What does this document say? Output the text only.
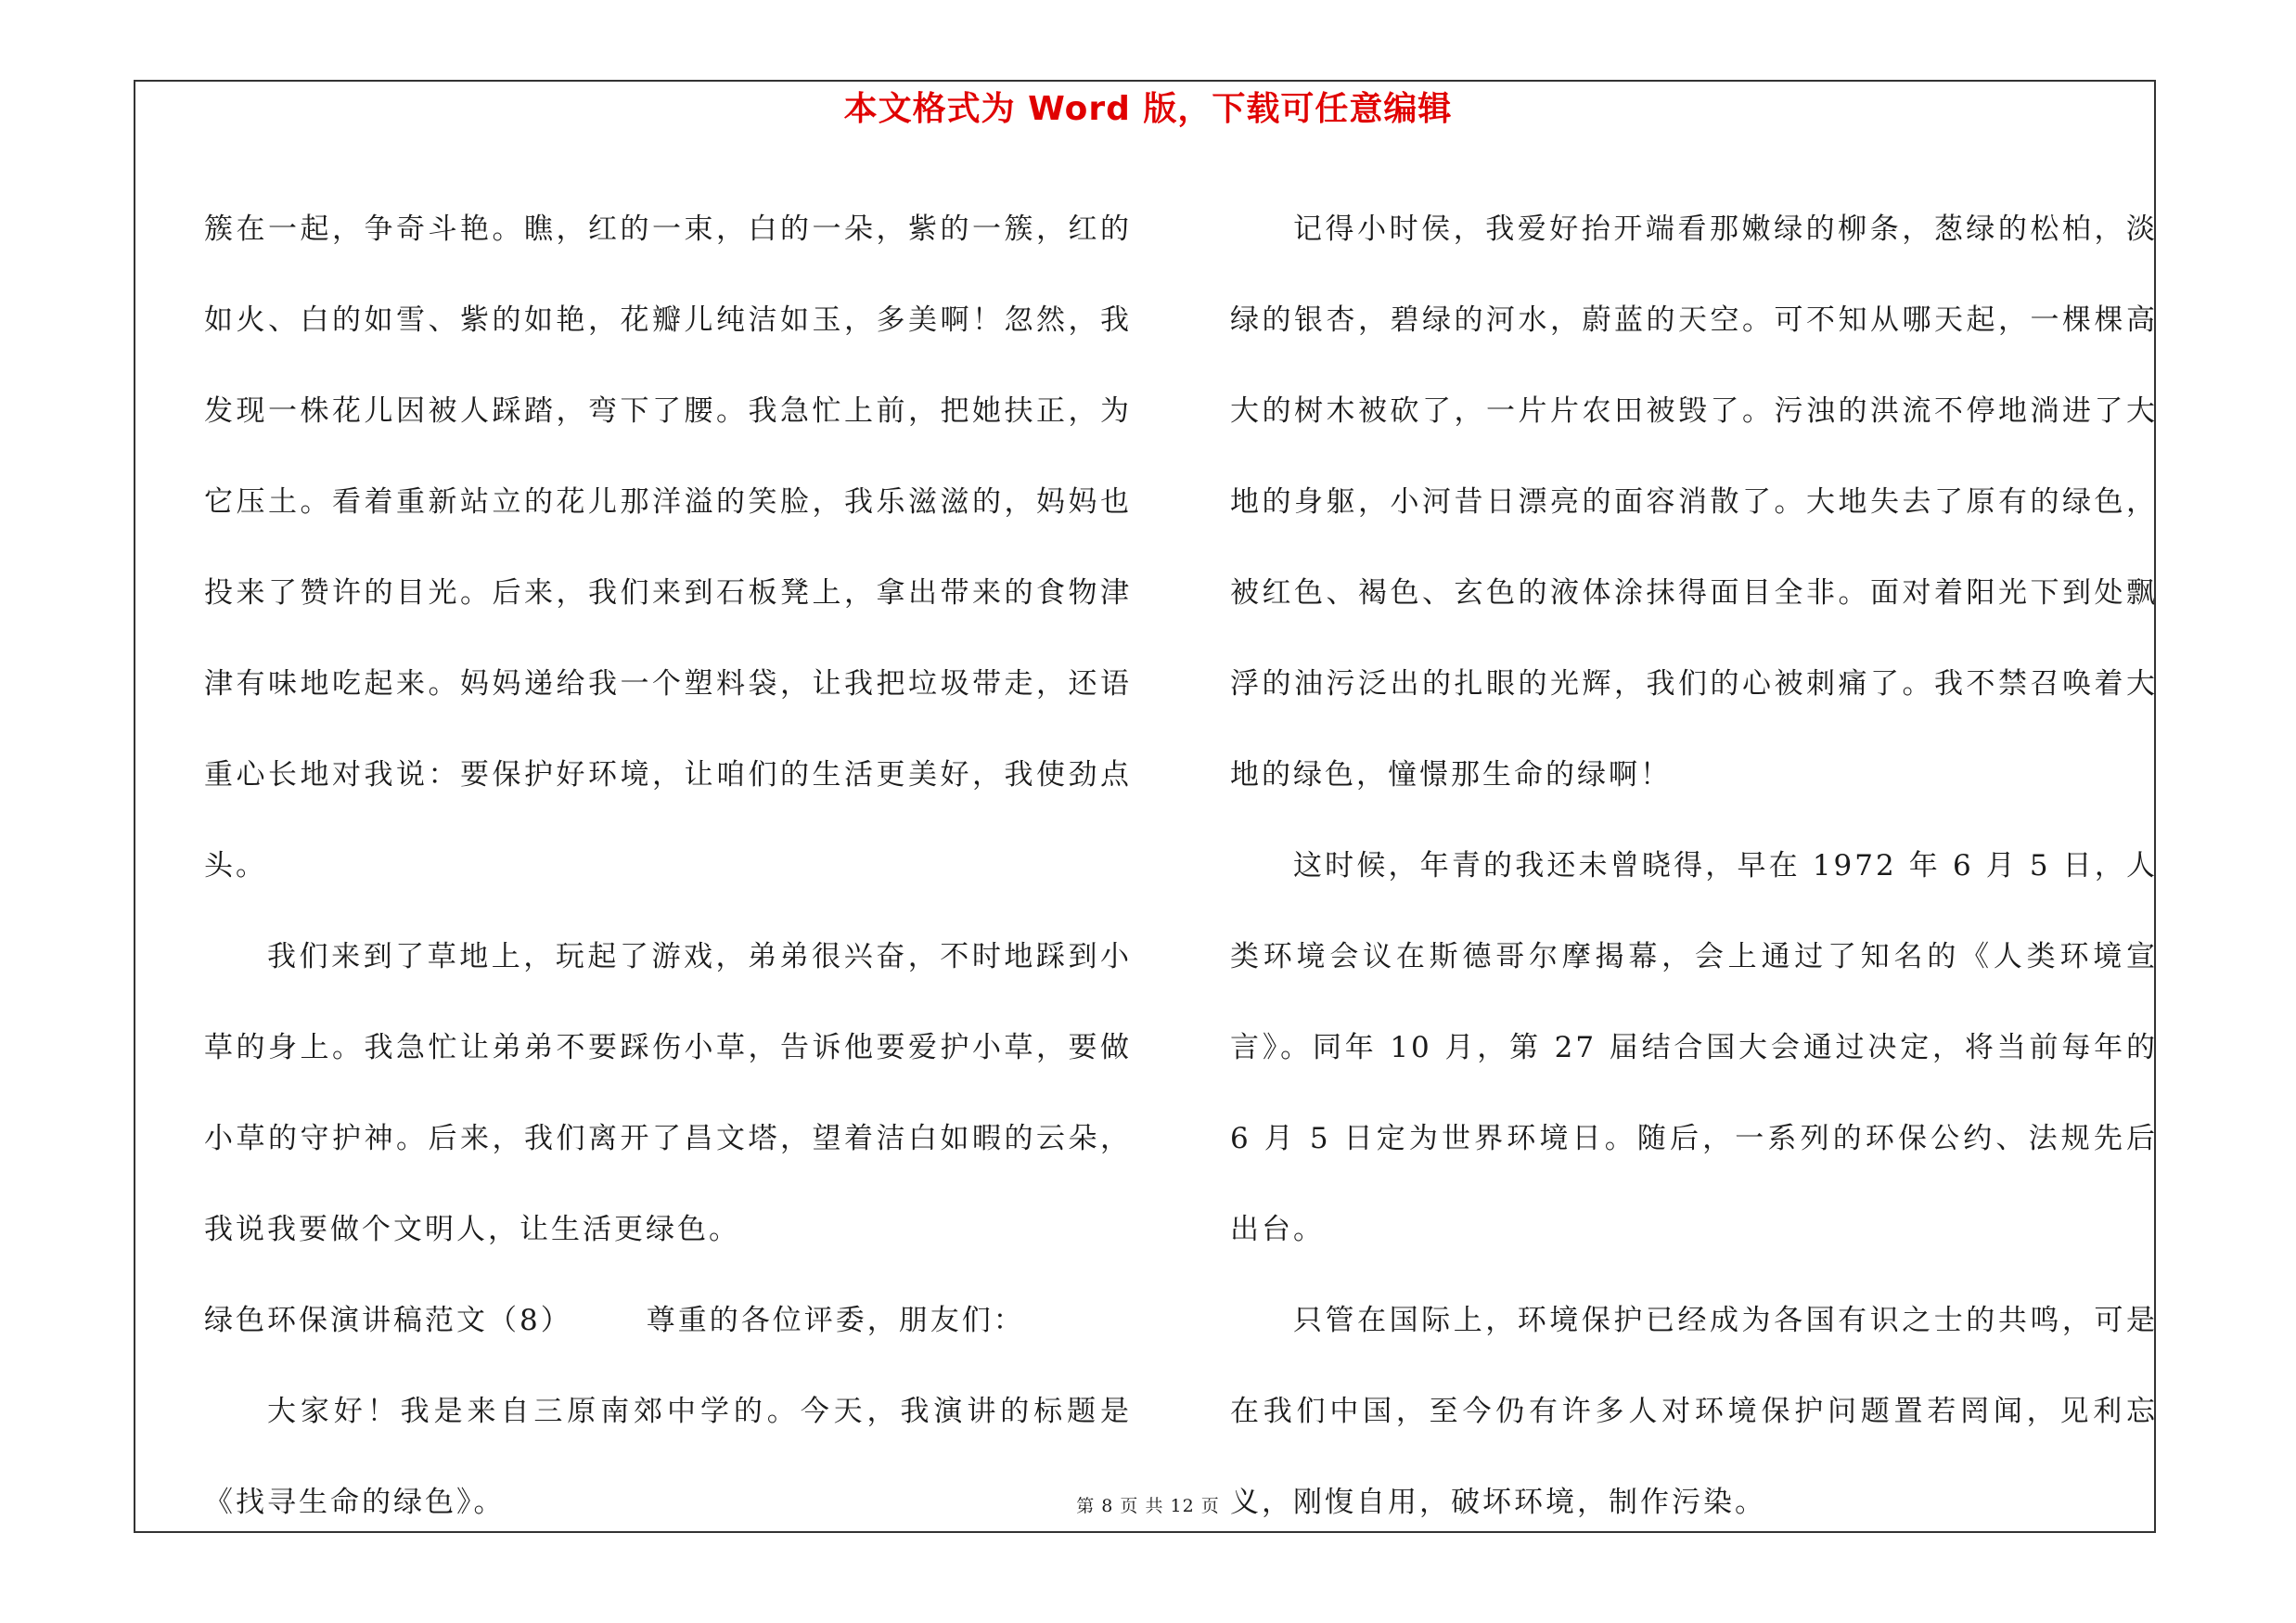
本文格式为 Word 版，下载可任意编辑

簇在一起，争奇斗艳。瞧，红的一束，白的一朵，紫的一簇，红的如火、白的如雪、紫的如艳，花瓣儿纯洁如玉，多美啊！忽然，我发现一株花儿因被人踩踏，弯下了腰。我急忙上前，把她扶正，为它压土。看着重新站立的花儿那洋溢的笑脸，我乐滋滋的，妈妈也投来了赞许的目光。后来，我们来到石板凳上，拿出带来的食物津津有味地吃起来。妈妈递给我一个塑料袋，让我把垃圾带走，还语重心长地对我说：要保护好环境，让咱们的生活更美好，我使劲点头。

我们来到了草地上，玩起了游戏，弟弟很兴奋，不时地踩到小草的身上。我急忙让弟弟不要踩伤小草，告诉他要爱护小草，要做小草的守护神。后来，我们离开了昌文塔，望着洁白如暇的云朵，我说我要做个文明人，让生活更绿色。

绿色环保演讲稿范文（8）	尊重的各位评委，朋友们：

大家好！我是来自三原南郊中学的。今天，我演讲的标题是《找寻生命的绿色》。

记得小时侯，我爱好抬开端看那嫩绿的柳条，葱绿的松柏，淡绿的银杏，碧绿的河水，蔚蓝的天空。可不知从哪天起，一棵棵高大的树木被砍了，一片片农田被毁了。污浊的洪流不停地淌进了大地的身躯，小河昔日漂亮的面容消散了。大地失去了原有的绿色，被红色、褐色、玄色的液体涂抹得面目全非。面对着阳光下到处飘浮的油污泛出的扎眼的光辉，我们的心被刺痛了。我不禁召唤着大地的绿色，憧憬那生命的绿啊！

这时候，年青的我还未曾晓得，早在 1972 年 6 月 5 日，人类环境会议在斯德哥尔摩揭幕，会上通过了知名的《人类环境宣言》。同年 10 月，第 27 届结合国大会通过决定，将当前每年的 6 月 5 日定为世界环境日。随后，一系列的环保公约、法规先后出台。

只管在国际上，环境保护已经成为各国有识之士的共鸣，可是在我们中国，至今仍有许多人对环境保护问题置若罔闻，见利忘义，刚愎自用，破坏环境，制作污染。

第 8 页 共 12 页
